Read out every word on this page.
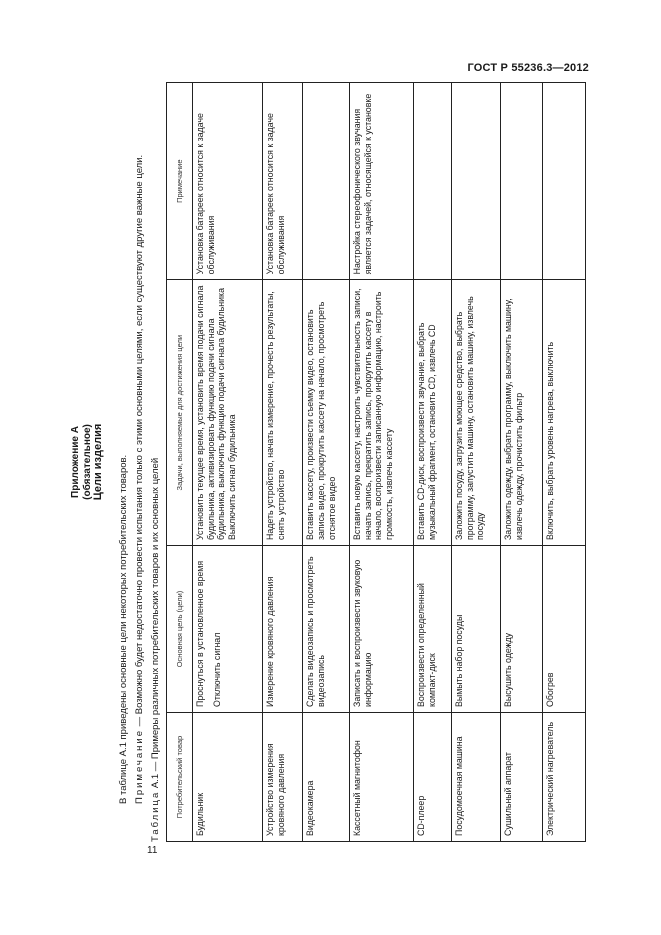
ГОСТ Р 55236.3—2012
Приложение А (обязательное) Цели изделия В таблице А.1 приведены основные цели некоторых потребительских товаров. Примечание — Возможно будет недостаточно провести испытания только с этими основными целями, если существуют другие важные цели.
Таблица А.1 — Примеры различных потребительских товаров и их основных целей Потребительский товар	Основная цель (цели)	Задачи, выполняемые для достижения цели	Примечание
Будильник	Проснуться в установленное время Отключить сигнал	Установить текущее время, установить время подачи сигнала будильника, активизировать функцию подачи сигнала будильника, выключить функцию подачи сигнала будильника Выключить сигнал будильника	Установка батареек относится к задаче обслуживания
Устройство измерения кровяного давления	Измерение кровяного давления	Надеть устройство, начать измерение, прочесть результаты, снять устройство	Установка батареек относится к задаче обслуживания
Видеокамера	Сделать видеозапись и просмотреть видеозапись	Вставить кассету, произвести съемку видео, остановить запись видео, прокрутить кассету на начало, просмотреть отснятое видео	
Кассетный магнитофон	Записать и воспроизвести звуковую информацию	Вставить новую кассету, настроить чувствительность записи, начать запись, прекратить запись, прокрутить кассету в начало, воспроизвести записанную информацию, настроить громкость, извлечь кассету	Настройка стереофонического звучания является задачей, относящейся к установке
CD-плеер	Воспроизвести определенный компакт-диск	Вставить CD-диск, воспроизвести звучание, выбрать музыкальный фрагмент, остановить CD, извлечь CD	
Посудомоечная машина	Вымыть набор посуды	Заложить посуду, загрузить моющее средство, выбрать программу, запустить машину, остановить машину, извлечь посуду	
Сушильный аппарат	Высушить одежду	Заложить одежду, выбрать программу, выключить машину, извлечь одежду, прочистить фильтр	
Электрический нагреватель	Обогрев	Включить, выбрать уровень нагрева, выключить	
11
